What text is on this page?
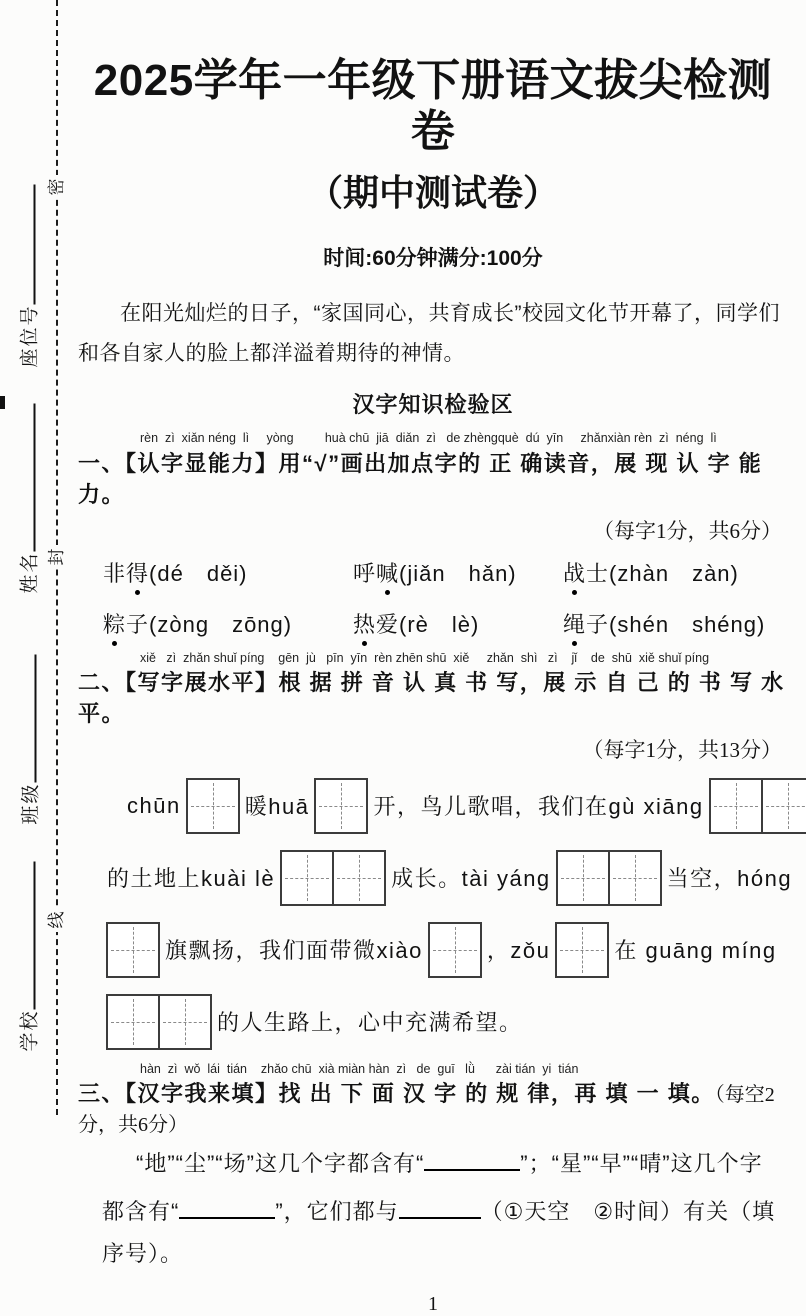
密
封
线
座位号
姓名
班级
学校
2025学年一年级下册语文拔尖检测卷
（期中测试卷）
时间:60分钟满分:100分
在阳光灿烂的日子，“家国同心，共育成长”校园文化节开幕了，同学们和各自家人的脸上都洋溢着期待的神情。
汉字知识检验区
rèn  zì  xiǎn néng  lì     yòng         huà chū  jiā  diǎn  zì   de zhèngquè  dú  yīn     zhǎnxiàn rèn  zì  néng  lì
一、【认字显能力】用“√”画出加点字的 正 确读音，展 现 认 字 能 力。
（每字1分，共6分）
非得(dé　děi)	呼喊(jiǎn　hǎn)	战士(zhàn　zàn)
粽子(zòng　zōng)	热爱(rè　lè)	绳子(shén　shéng)
xiě   zì  zhǎn shuǐ píng    gēn  jù   pīn  yīn  rèn zhēn shū  xiě     zhǎn  shì   zì    jǐ    de  shū  xiě shuǐ píng
二、【写字展水平】根 据 拼 音 认 真 书 写，展 示 自 己 的 书 写 水 平。
（每字1分，共13分）
chūn	暖huā	开，鸟儿歌唱，我们在gù xiāng
的土地上kuài lè	成长。tài yáng	当空，hóng
旗飘扬，我们面带微xiào	，zǒu	在 guāng míng
的人生路上，心中充满希望。
hàn  zì  wǒ  lái  tián    zhǎo chū  xià miàn hàn  zì   de  guī   lǜ      zài tián  yi  tián
三、【汉字我来填】找 出 下 面 汉 字 的 规 律，再 填 一 填。（每空2分，共6分）
“地”“尘”“场”这几个字都含有“	”；“星”“早”“晴”这几个字
都含有“	”，它们都与	（①天空　②时间）有关（填序号）。
1
